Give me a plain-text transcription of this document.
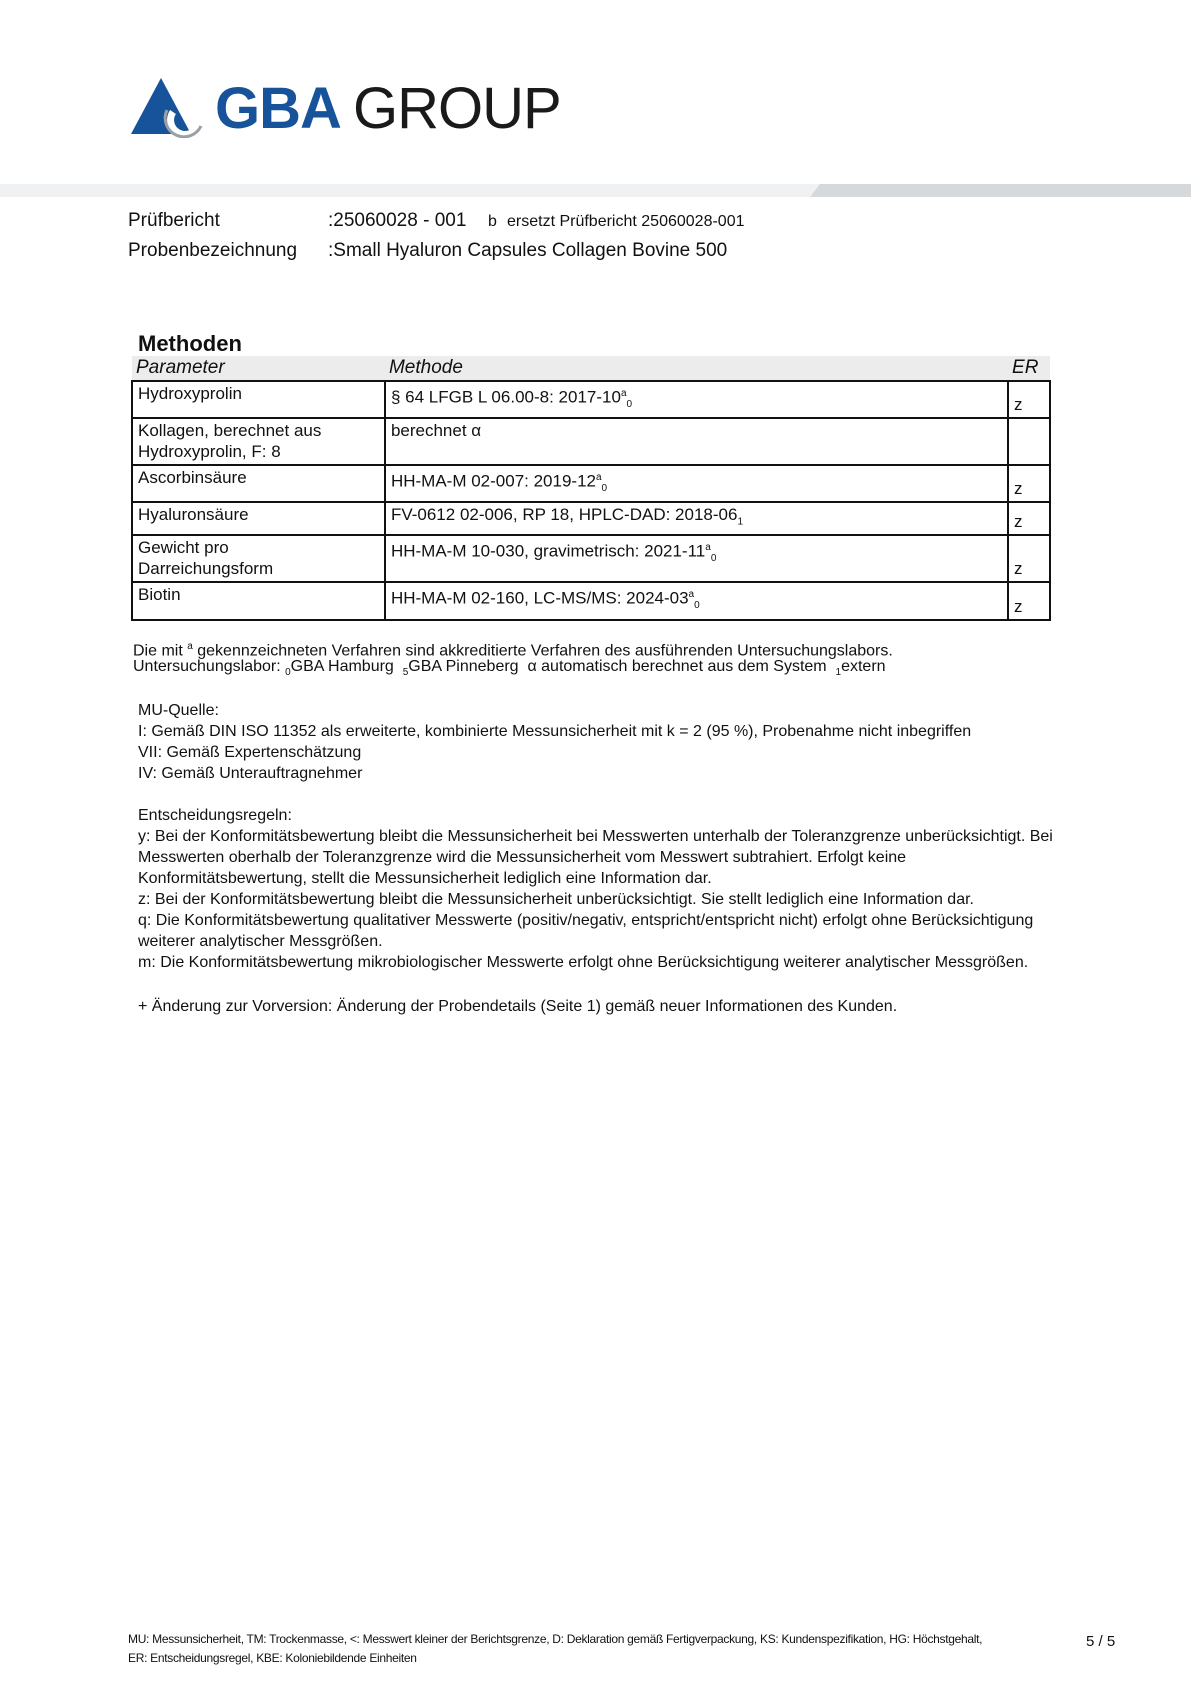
GBA GROUP
Prüfbericht	:25060028 - 001 b ersetzt Prüfbericht 25060028-001
Probenbezeichnung :Small Hyaluron Capsules Collagen Bovine 500
Methoden
Parameter	Methode	ER

Hydroxyprolin	§ 64 LFGB L 06.00-8: $2017-10^a_0$	z

Kollagen, berechnet aus
Hydroxyprolin, F: 8	berechnet α	

Ascorbinsäure	HH-MA-M 02-007: $2019-12^a_0$	z

Hyaluronsäure	FV-0612 02-006, RP 18, HPLC-DAD: $2018-06_1$	z

Gewicht pro
Darreichungsform	HH-MA-M 10-030, gravimetrisch: $2021-11^a_0$	z

Biotin	HH-MA-M 02-160, LC-MS/MS: $2024-03^a_0$	z
Die mit $^a$ gekennzeichneten Verfahren sind akkreditierte Verfahren des ausführenden Untersuchungslabors.
Untersuchungslabor: $_0$GBA Hamburg $_5$GBA Pinneberg α automatisch berechnet aus dem System $_1$extern
MU-Quelle:
I: Gemäß DIN ISO 11352 als erweiterte, kombinierte Messunsicherheit mit k = 2 (95 %), Probenahme nicht inbegriffen
VII: Gemäß Expertenschätzung
IV: Gemäß Unterauftragnehmer
Entscheidungsregeln:
y: Bei der Konformitätsbewertung bleibt die Messunsicherheit bei Messwerten unterhalb der Toleranzgrenze unberücksichtigt. Bei
Messwerten oberhalb der Toleranzgrenze wird die Messunsicherheit vom Messwert subtrahiert. Erfolgt keine
Konformitätsbewertung, stellt die Messunsicherheit lediglich eine Information dar.
z: Bei der Konformitätsbewertung bleibt die Messunsicherheit unberücksichtigt. Sie stellt lediglich eine Information dar.
q: Die Konformitätsbewertung qualitativer Messwerte (positiv/negativ, entspricht/entspricht nicht) erfolgt ohne Berücksichtigung
weiterer analytischer Messgrößen.
m: Die Konformitätsbewertung mikrobiologischer Messwerte erfolgt ohne Berücksichtigung weiterer analytischer Messgrößen.
+ Änderung zur Vorversion: Änderung der Probendetails (Seite 1) gemäß neuer Informationen des Kunden.
MU: Messunsicherheit, TM: Trockenmasse, <: Messwert kleiner der Berichtsgrenze, D: Deklaration gemäß Fertigverpackung, KS: Kundenspezifikation, HG: Höchstgehalt,
ER: Entscheidungsregel, KBE: Koloniebildende Einheiten
5 / 5
